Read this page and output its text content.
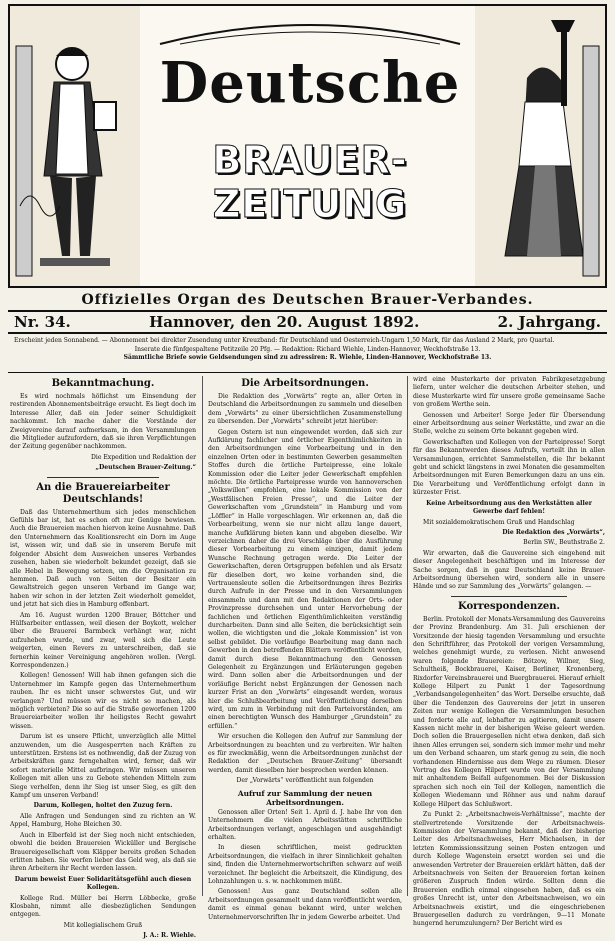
Deutsche
BRAUER-ZEITUNG
Offizielles Organ des Deutschen Brauer-Verbandes.
Nr. 34.	Hannover, den 20. August 1892.	2. Jahrgang.
Erscheint jeden Sonnabend. — Abonnement bei direkter Zusendung unter Kreuzband: für Deutschland und Oesterreich-Ungarn 1,50 Mark, für das Ausland 2 Mark, pro Quartal.
Inserate die fünfgespaltene Petitzeile 20 Pfg. — Redaktion: Richard Wiehle, Linden-Hannover, Weckhofstraße 13.
Sämmtliche Briefe sowie Geldsendungen sind zu adressiren: R. Wiehle, Linden-Hannover, Weckhofstraße 13.
Bekanntmachung.

Es wird nochmals höflichst um Einsendung der restirenden Abonnementsbeiträge ersucht. Es liegt doch im Interesse Aller, daß ein Jeder seiner Schuldigkeit nachkommt. Ich mache daher die Vorstände der Zweigvereine darauf aufmerksam, in den Versammlungen die Mitglieder aufzufordern, daß sie ihren Verpflichtungen der Zeitung gegenüber nachkommen.

Die Expedition und Redaktion der

„Deutschen Brauer-Zeitung.“

An die Brauereiarbeiter
Deutschlands!

Daß das Unternehmerthum sich jedes menschlichen Gefühls bar ist, hat es schon oft zur Genüge bewiesen. Auch die Brauereien machen hiervon keine Ausnahme. Daß den Unternehmern das Koalitionsrecht ein Dorn im Auge ist, wissen wir, und daß sie in unserem Berufe mit folgender Absicht dem Ausweichen unseres Verbandes zusehen, haben sie wiederholt bekundet gezeigt, daß sie alle Hebel in Bewegung setzen, um die Organisation zu hemmen. Daß auch von Seiten der Besitzer ein Gewaltstreich gegen unseren Verband im Gange war, haben wir schon in der letzten Zeit wiederholt gemeldet, und jetzt hat sich dies in Hamburg offenbart.

Am 16. August wurden 1200 Brauer, Böttcher und Hülfsarbeiter entlassen, weil diesen der Boykott, welcher über die Brauerei Barmbeck verhängt war, nicht aufzuheben wurde, und zwar, weil sich die Leute weigerten, einen Revers zu unterschreiben, daß sie fernerhin keiner Vereinigung angehören wollen. (Vergl. Korrespondenzen.)

Kollegen! Genossen! Will hab ihnen gefangen sich die Unternehmer im Kampfe gegen das Unternehmerthum rauben. Ihr es nicht unser schwerstes Gut, und wir verlangen? Und müssen wir es nicht so machen, als möglich verbieten? Die so auf die Straße geworfenen 1200 Brauereiarbeiter wollen ihr heiligstes Recht gewahrt wissen.

Darum ist es unsere Pflicht, unverzüglich alle Mittel anzuwenden, um die Ausgesperrten nach Kräften zu unterstützen. Erstens ist es nothwendig, daß der Zuzug von Arbeitskräften ganz ferngehalten wird, ferner, daß wir sofort materielle Mittel aufbringen. Wir müssen unseren Kollegen mit allen uns zu Gebote stehenden Mitteln zum Siege verhelfen, denn ihr Sieg ist unser Sieg, es gilt den Kampf um unseren Verband!

Darum, Kollegen, holtet den Zuzug fern.

Alle Anfragen und Sendungen sind zu richten an W. Appel, Hamburg, Hohe Bleichen 30.

Auch in Elberfeld ist der Sieg noch nicht entschieden, obwohl die beiden Brauereien Wicküller und Bergische Brauereigesellschaft vom Kläpper bereits großen Schaden erlitten haben. Sie werfen lieber das Geld weg, als daß sie ihren Arbeitern ihr Recht werden lassen.

Darum beweist Euer Solidaritätsgefühl auch diesen Kollegen.

Kollege Rud. Müller bei Herrn Löbbecke, große Klosbahn, nimmt alle diesbezüglichen Sendungen entgegen.

Mit kollegialischem Gruß

J. A.: R. Wiehle.

Die Arbeitsordnungen.

Die Redaktion des „Vorwärts“ regte an, aller Orten in Deutschland die Arbeitsordnungen zu sammeln und dieselben dem „Vorwärts“ zu einer übersichtlichen Zusammenstellung zu übersenden. Der „Vorwärts“ schreibt jetzt hierüber:

Gegen Ostern ist nun eingewendet worden, daß sich zur Aufklärung fachlicher und örtlicher Eigenthümlichkeiten in den Arbeitsordnungen eine Vorbearbeitung und in den einzelnen Orten oder in bestimmten Gewerben gesammelten Stoffes durch die örtliche Parteipresse, eine lokale Kommission oder die Leiter jeder Gewerkschaft empfehlen möchte. Die örtliche Parteipresse wurde von hannoverschen „Volkswillen“ empfohlen, eine lokale Kommission von der „Westfälischen Freien Presse“, und die Leiter der Gewerkschaften vom „Grundstein“ in Hamburg und vom „Löffler“ in Halle vorgeschlagen. Wir erkennen an, daß die Vorbearbeitung, wenn sie nur nicht allzu lange dauert, manche Aufklärung bieten kann und abgeben dieselbe. Wir verzeichnen daher die drei Vorschläge über die Ausführung dieser Vorbearbeitung zu einem einzigen, damit jedem Wunsche Rechnung getragen werde. Die Leiter der Gewerkschaften, deren Ortsgruppen befehlen und als Ersatz für dieselben dort, wo keine vorhanden sind, die Vertrauensleute sollen die Arbeitsordnungen ihres Bezirks durch Aufrufe in der Presse und in den Versammlungen einsammeln und dann mit den Redaktionen der Orts- oder Provinzpresse durchsehen und unter Hervorhebung der fachlichen und örtlichen Eigenthümlichkeiten verständig durcharbeiten. Dann sind alle Seiten, die berücksichtigt sein wollen, die wichtigsten und die „lokale Kommission“ ist von selbst gebildet. Die vorläufige Bearbeitung mag dann nach Gewerben in den betreffenden Blättern veröffentlicht werden, damit durch diese Bekanntmachung den Genossen Gelegenheit zu Ergänzungen und Erläuterungen gegeben wird. Dann sollen aber die Arbeitsordnungen und der vorläufige Bericht nebst Ergänzungen der Genossen nach kurzer Frist an den „Vorwärts“ eingesandt werden, woraus hier die Schlußbearbeitung und Veröffentlichung derselben wird, um zum in Verbindung mit den Parteivorständen, am einen berechtigten Wunsch des Hamburger „Grundstein“ zu erfüllen.“

Wir ersuchen die Kollegen den Aufruf zur Sammlung der Arbeitsordnungen zu beachten und zu verbreiten. Wir halten es für zweckmäßig, wenn die Arbeitsordnungen zunächst der Redaktion der „Deutschen Brauer-Zeitung“ übersandt werden, damit dieselben hier besprochen werden können.

Der „Vorwärts“ veröffentlicht nun folgenden

Aufruf zur Sammlung der neuen Arbeitsordnungen.

Genossen aller Orten! Seit 1. April d. J. habe Ihr von den Unternehmern die vielen Arbeitsstätten schriftliche Arbeitsordnungen verlangt, angeschlagen und ausgehändigt erhalten.

In diesen schriftlichen, meist gedruckten Arbeitsordnungen, die vielfach in ihrer Sinnlichkeit gehalten sind, finden die Unternehmerwortschriften schwarz auf weiß verzeichnet. Ihr begleicht die Arbeitszeit, die Kündigung, des Lohnzahlungen u. s. w. nachkommen müßt.

Genossen! Aus ganz Deutschland sollen alle Arbeitsordnungen gesammelt und dann veröffentlicht werden, damit es einmal genau bekannt wird, unter welchen Unternehmervorschriften Ihr in jedem Gewerbe arbeitet. Und

wird eine Musterkarte der privaten Fabrikgesetzgebung liefern, unter welcher die deutschen Arbeiter stehen, und diese Musterkarte wird für unsere große gemeinsame Sache von großem Werthe sein.

Genossen und Arbeiter! Sorge Jeder für Übersendung einer Arbeitsordnung aus seiner Werkstätte, und zwar an die Stelle, welche zu seinem Orte bekannt gegeben wird.

Gewerkschaften und Kollegen von der Parteipresse! Sorgt für das Bekanntwerden dieses Aufrufs, verteilt ihn in allen Versammlungen, errichtet Sammelstellen, die Ihr bekannt gebt und schickt längstens in zwei Monaten die gesammelten Arbeitsordnungen mit Euren Bemerkungen dazu an uns ein. Die Verarbeitung und Veröffentlichung erfolgt dann in kürzester Frist.

Keine Arbeitsordnung aus den Werkstätten aller Gewerbe darf fehlen!

Mit sozialdemokratischem Gruß und Handschlag

Die Redaktion des „Vorwärts“,

Berlin SW., Beuthstraße 2.

Wir erwarten, daß die Gauvereine sich eingehend mit dieser Angelegenheit beschäftigen und im Interesse der Sache sorgen, daß in ganz Deutschland keine Brauer-Arbeitsordnung übersehen wird, sondern alle in unsere Hände und so zur Sammlung des „Vorwärts“ gelangen. —

Korrespondenzen.

Berlin. Protokoll der Monats-Versammlung des Gauvereins der Provinz Brandenburg. Am 31. Juli erschienen der Vorsitzende der hiesig tagenden Versammlung und ersuchte den Schriftführer, das Protokoll der vorigen Versammlung, welches genehmigt wurde, zu verlesen. Nicht anwesend waren folgende Brauereien: Bötzow, Willner, Sieg, Schultheiß, Bockbrauerei, Kaiser, Berliner, Kronenberg, Rixdorfer Vereinsbrauerei und Buergbrauerei. Hierauf erhielt Kollege Hilpert zu Punkt 1 der Tagesordnung „Verbandsangelegenheiten“ das Wort. Derselbe ersuchte, daß über die Tendenzen des Gauvereins der jetzt in unseren Zeiten nur wenige Kollegen die Versammlungen besuchen und forderte alle auf, lebhafter zu agitieren, damit unsere Kassen nicht mehr in der bisherigen Weise geleert werden. Doch sollen die Brauergesellen nicht etwa denken, daß sich ihnen Alles errungen sei, sondern sich immer mehr und mehr um den Verband schaaren, um stark genug zu sein, die noch vorhandenen Hindernisse aus dem Wege zu räumen. Dieser Vortrag des Kollegen Hilpert wurde von der Versammlung mit anhaltendem Beifall aufgenommen. Bei der Diskussion sprachen sich noch ein Teil der Kollegen, namentlich die Kollegen Wiedemann und Röhner aus und nahm darauf Kollege Hilpert das Schlußwort.

Zu Punkt 2: „Arbeitsnachweis-Verhältnisse“, machte der stellvertretende Vorsitzende der Arbeitsnachweis-Kommission der Versammlung bekannt, daß der bisherige Leiter des Arbeitsnachweises, Herr Michaelsen, in der letzten Kommissionssitzung seinen Posten entzogen und durch Kollege Wagenstein ersetzt worden sei und die anwesenden Vertreter der Brauereien erklärt hätten, daß der Arbeitsnachweis von Seiten der Brauereien fortan keinen größeren Zuspruch finden würde. Sollten denn die Brauereien endlich einmal eingesehen haben, daß es ein großes Unrecht ist, unter den Arbeitsnachweisen, wo ein Arbeitsnachweis existirt, und die eingeschriebenen Brauergesellen dadurch zu verdrängen, 9—11 Monate hungernd herumzulungern? Der Bericht wird es
